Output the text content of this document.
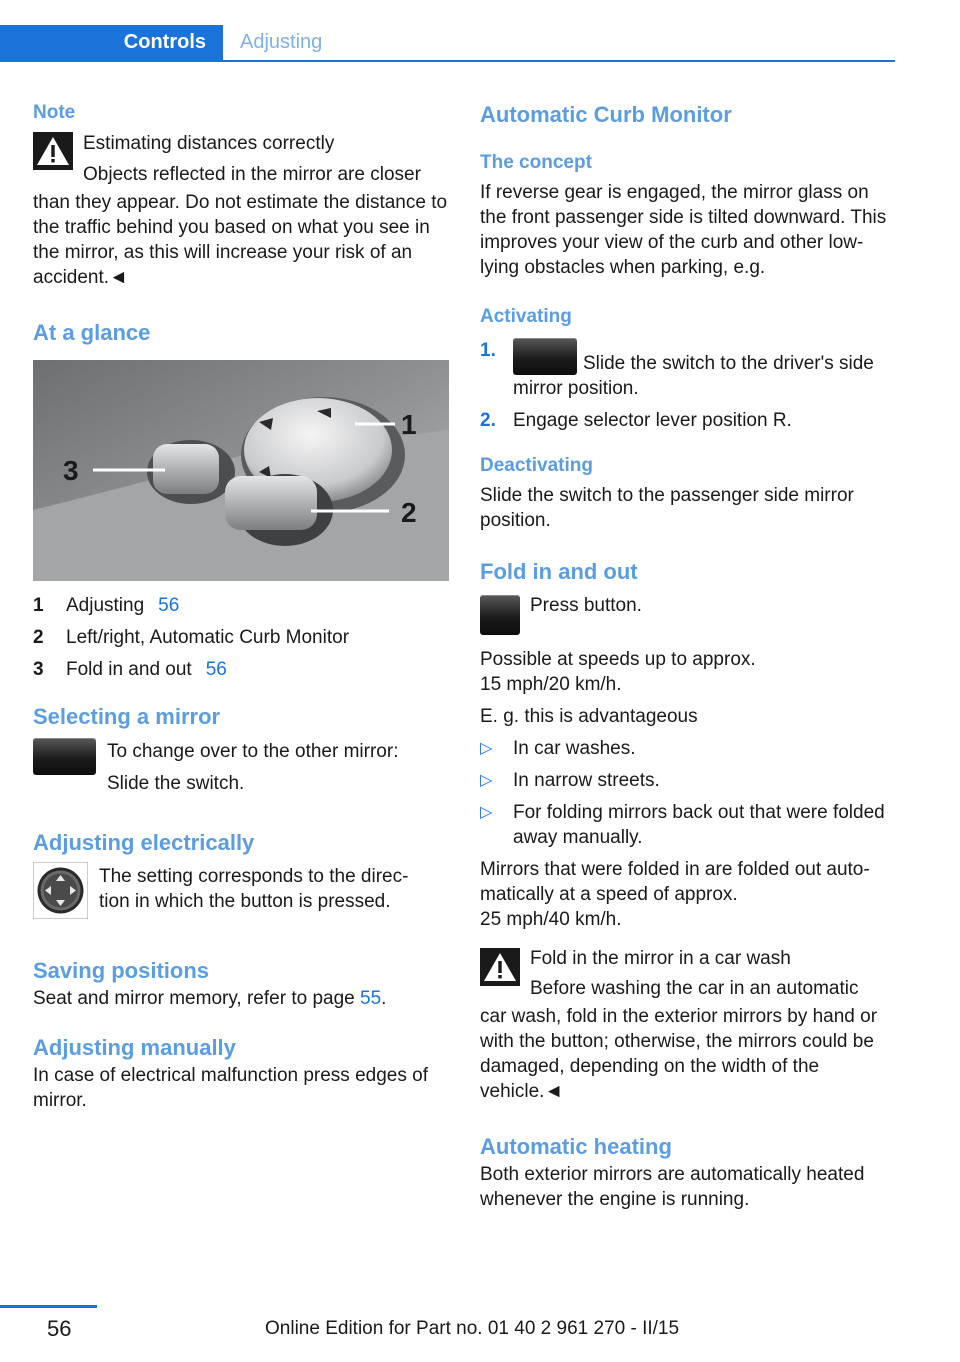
Controls Adjusting
Note

Estimating distances correctly

Objects reflected in the mirror are closer

than they appear. Do not estimate the distance to the traffic behind you based on what you see in the mirror, as this will increase your risk of an accident.◄

At a glance
1
2
3
1	Adjusting 56
2	Left/right, Automatic Curb Monitor
3	Fold in and out 56
Selecting a mirror

To change over to the other mirror:

Slide the switch.

Adjusting electrically

The setting corresponds to the direc-tion in which the button is pressed.

Saving positions

Seat and mirror memory, refer to page 55.

Adjusting manually

In case of electrical malfunction press edges of mirror.

Automatic Curb Monitor
The concept

If reverse gear is engaged, the mirror glass on the front passenger side is tilted downward. This improves your view of the curb and other low-lying obstacles when parking, e.g.

Activating
1.
Slide the switch to the driver's side mirror position.
2. Engage selector lever position R.
Deactivating

Slide the switch to the passenger side mirror position.

Fold in and out

Press button.

Possible at speeds up to approx.

15 mph/20 km/h.

E. g. this is advantageous

▷	In car washes.
▷	In narrow streets.
▷	For folding mirrors back out that were folded away manually.

Mirrors that were folded in are folded out auto-matically at a speed of approx.

25 mph/40 km/h.

Fold in the mirror in a car wash

Before washing the car in an automatic

car wash, fold in the exterior mirrors by hand or with the button; otherwise, the mirrors could be damaged, depending on the width of the vehicle.◄

Automatic heating

Both exterior mirrors are automatically heated whenever the engine is running.

56	Online Edition for Part no. 01 40 2 961 270 - II/15
